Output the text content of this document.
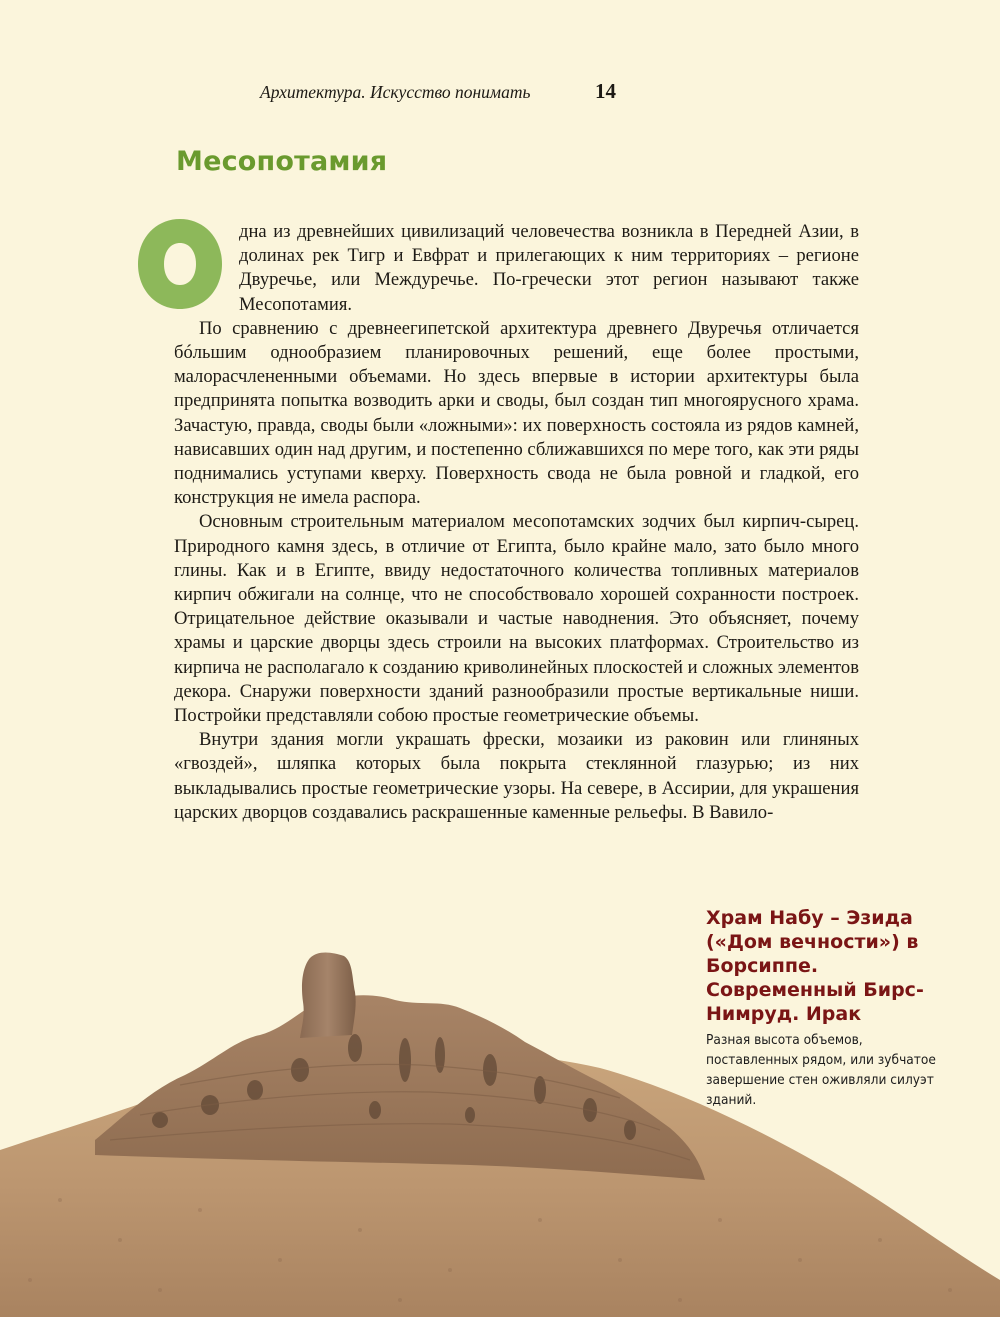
Архитектура. Искусство понимать	14
Месопотамия

дна из древнейших цивилизаций человечества возникла в Передней Азии, в долинах рек Тигр и Евфрат и прилегающих к ним территориях – регионе Двуречье, или Междуречье. По-гречески этот регион называют также Месопотамия.

По сравнению с древнеегипетской архитектура древнего Двуречья отличается бóльшим однообразием планировочных решений, еще более простыми, малорасчлененными объемами. Но здесь впервые в истории архитектуры была предпринята попытка возводить арки и своды, был создан тип многоярусного храма. Зачастую, правда, своды были «ложными»: их поверхность состояла из рядов камней, нависавших один над другим, и постепенно сближавшихся по мере того, как эти ряды поднимались уступами кверху. Поверхность свода не была ровной и гладкой, его конструкция не имела распора.

Основным строительным материалом месопотамских зодчих был кирпич-сырец. Природного камня здесь, в отличие от Египта, было крайне мало, зато было много глины. Как и в Египте, ввиду недостаточного количества топливных материалов кирпич обжигали на солнце, что не способствовало хорошей сохранности построек. Отрицательное действие оказывали и частые наводнения. Это объясняет, почему храмы и царские дворцы здесь строили на высоких платформах. Строительство из кирпича не располагало к созданию криволинейных плоскостей и сложных элементов декора. Снаружи поверхности зданий разнообразили простые вертикальные ниши. Постройки представляли собою простые геометрические объемы.

Внутри здания могли украшать фрески, мозаики из раковин или глиняных «гвоздей», шляпка которых была покрыта стеклянной глазурью; из них выкладывались простые геометрические узоры. На севере, в Ассирии, для украшения царских дворцов создавались раскрашенные каменные рельефы. В Вавило-

Храм Набу – Эзида («Дом вечности») в Борсиппе. Современный Бирс-Нимруд. Ирак

Разная высота объемов, поставленных рядом, или зубчатое завершение стен оживляли силуэт зданий.
